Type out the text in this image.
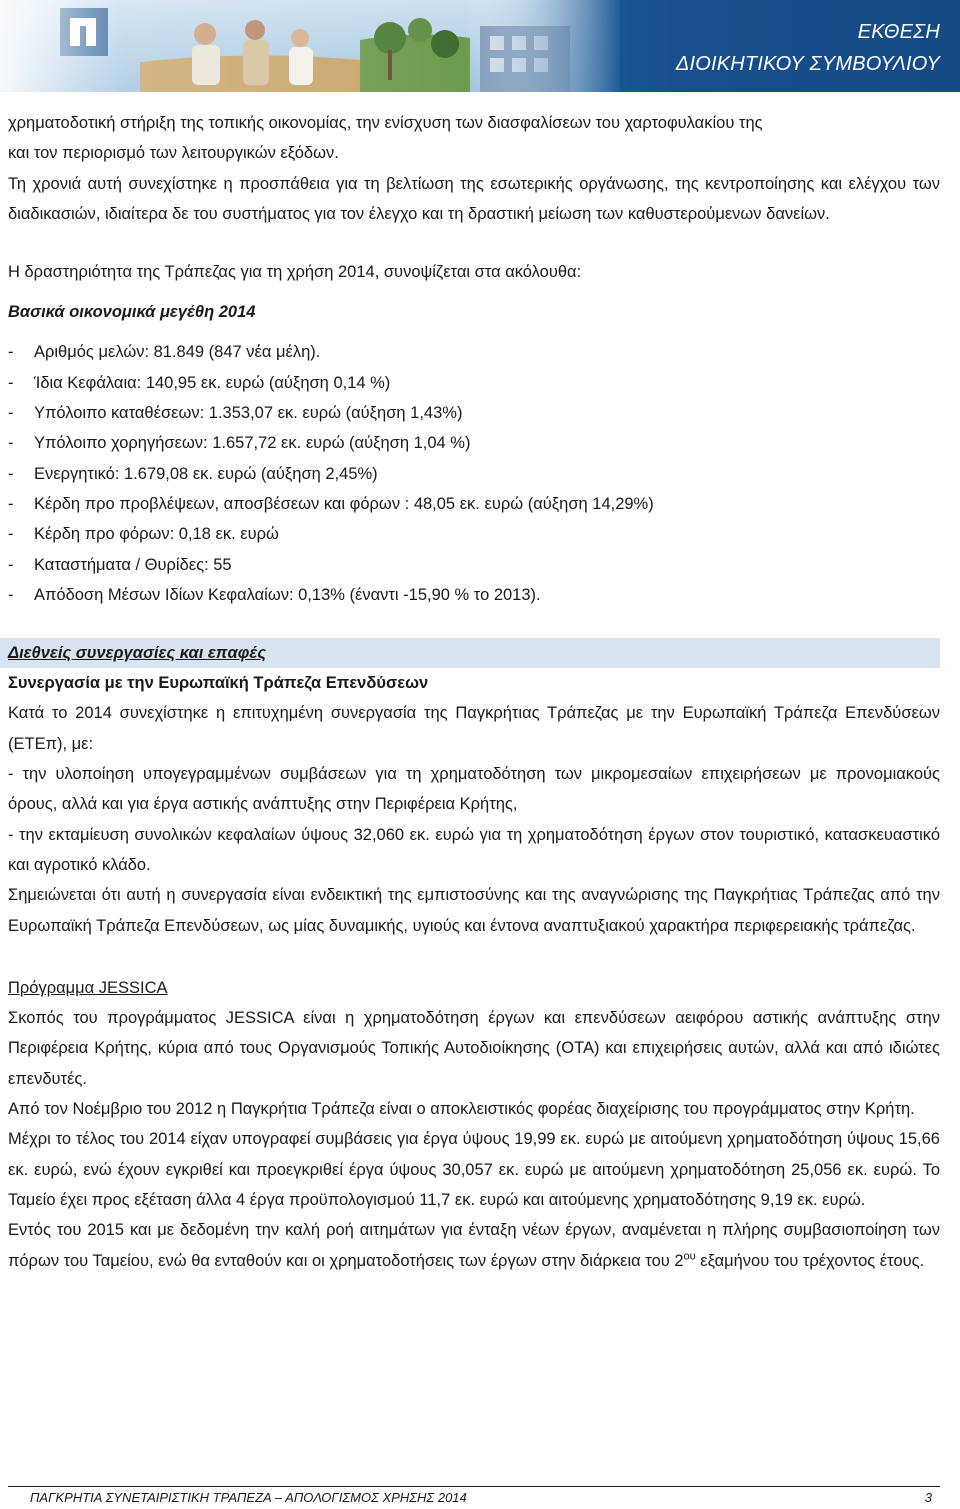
ΕΚΘΕΣΗ
ΔΙΟΙΚΗΤΙΚΟΥ ΣΥΜΒΟΥΛΙΟΥ

χρηματοδοτική στήριξη της τοπικής οικονομίας, την ενίσχυση των διασφαλίσεων του χαρτοφυλακίου της

και τον περιορισμό των λειτουργικών εξόδων.

Τη χρονιά αυτή συνεχίστηκε η προσπάθεια για τη βελτίωση της εσωτερικής οργάνωσης, της κεντροποίησης και ελέγχου των διαδικασιών, ιδιαίτερα δε του συστήματος για τον έλεγχο και τη δραστική μείωση των καθυστερούμενων δανείων.

Η δραστηριότητα της Τράπεζας για τη χρήση 2014, συνοψίζεται στα ακόλουθα:

Βασικά οικονομικά μεγέθη 2014

- Αριθμός μελών: 81.849 (847 νέα μέλη).
- Ίδια Κεφάλαια: 140,95 εκ. ευρώ (αύξηση 0,14 %)
- Υπόλοιπο καταθέσεων: 1.353,07 εκ. ευρώ (αύξηση 1,43%)
- Υπόλοιπο χορηγήσεων: 1.657,72 εκ. ευρώ (αύξηση 1,04 %)
- Ενεργητικό: 1.679,08 εκ. ευρώ (αύξηση 2,45%)
- Κέρδη προ προβλέψεων, αποσβέσεων και φόρων : 48,05 εκ. ευρώ (αύξηση 14,29%)
- Κέρδη προ φόρων: 0,18 εκ. ευρώ
- Καταστήματα / Θυρίδες: 55
- Απόδοση Μέσων Ιδίων Κεφαλαίων: 0,13% (έναντι -15,90 % το 2013).
Διεθνείς συνεργασίες και επαφές

Συνεργασία με την Ευρωπαϊκή Τράπεζα Επενδύσεων

Κατά το 2014 συνεχίστηκε η επιτυχημένη συνεργασία της Παγκρήτιας Τράπεζας με την Ευρωπαϊκή Τράπεζα Επενδύσεων (ΕΤΕπ), με:

- την υλοποίηση υπογεγραμμένων συμβάσεων για τη χρηματοδότηση των μικρομεσαίων επιχειρήσεων με προνομιακούς όρους, αλλά και για έργα αστικής ανάπτυξης στην Περιφέρεια Κρήτης,

- την εκταμίευση συνολικών κεφαλαίων ύψους 32,060 εκ. ευρώ για τη χρηματοδότηση έργων στον τουριστικό, κατασκευαστικό και αγροτικό κλάδο.

Σημειώνεται ότι αυτή η συνεργασία είναι ενδεικτική της εμπιστοσύνης και της αναγνώρισης της Παγκρήτιας Τράπεζας από την Ευρωπαϊκή Τράπεζα Επενδύσεων, ως μίας δυναμικής, υγιούς και έντονα αναπτυξιακού χαρακτήρα περιφερειακής τράπεζας.

Πρόγραμμα JESSICA

Σκοπός του προγράμματος JESSICA είναι η χρηματοδότηση έργων και επενδύσεων αειφόρου αστικής ανάπτυξης στην Περιφέρεια Κρήτης, κύρια από τους Οργανισμούς Τοπικής Αυτοδιοίκησης (ΟΤΑ) και επιχειρήσεις αυτών, αλλά και από ιδιώτες επενδυτές.

Από τον Νοέμβριο του 2012 η Παγκρήτια Τράπεζα είναι ο αποκλειστικός φορέας διαχείρισης του προγράμματος στην Κρήτη.

Μέχρι το τέλος του 2014 είχαν υπογραφεί συμβάσεις για έργα ύψους 19,99 εκ. ευρώ με αιτούμενη χρηματοδότηση ύψους 15,66 εκ. ευρώ, ενώ έχουν εγκριθεί και προεγκριθεί έργα ύψους 30,057 εκ. ευρώ με αιτούμενη χρηματοδότηση 25,056 εκ. ευρώ. Το Ταμείο έχει προς εξέταση άλλα 4 έργα προϋπολογισμού 11,7 εκ. ευρώ και αιτούμενης χρηματοδότησης 9,19 εκ. ευρώ.

Εντός του 2015 και με δεδομένη την καλή ροή αιτημάτων για ένταξη νέων έργων, αναμένεται η πλήρης συμβασιοποίηση των πόρων του Ταμείου, ενώ θα ενταθούν και οι χρηματοδοτήσεις των έργων στην διάρκεια του $2^{o\upsilon}$ εξαμήνου του τρέχοντος έτους.

ΠΑΓΚΡΗΤΙΑ ΣΥΝΕΤΑΙΡΙΣΤΙΚΗ ΤΡΑΠΕΖΑ – ΑΠΟΛΟΓΙΣΜΟΣ ΧΡΗΣΗΣ 2014	3
